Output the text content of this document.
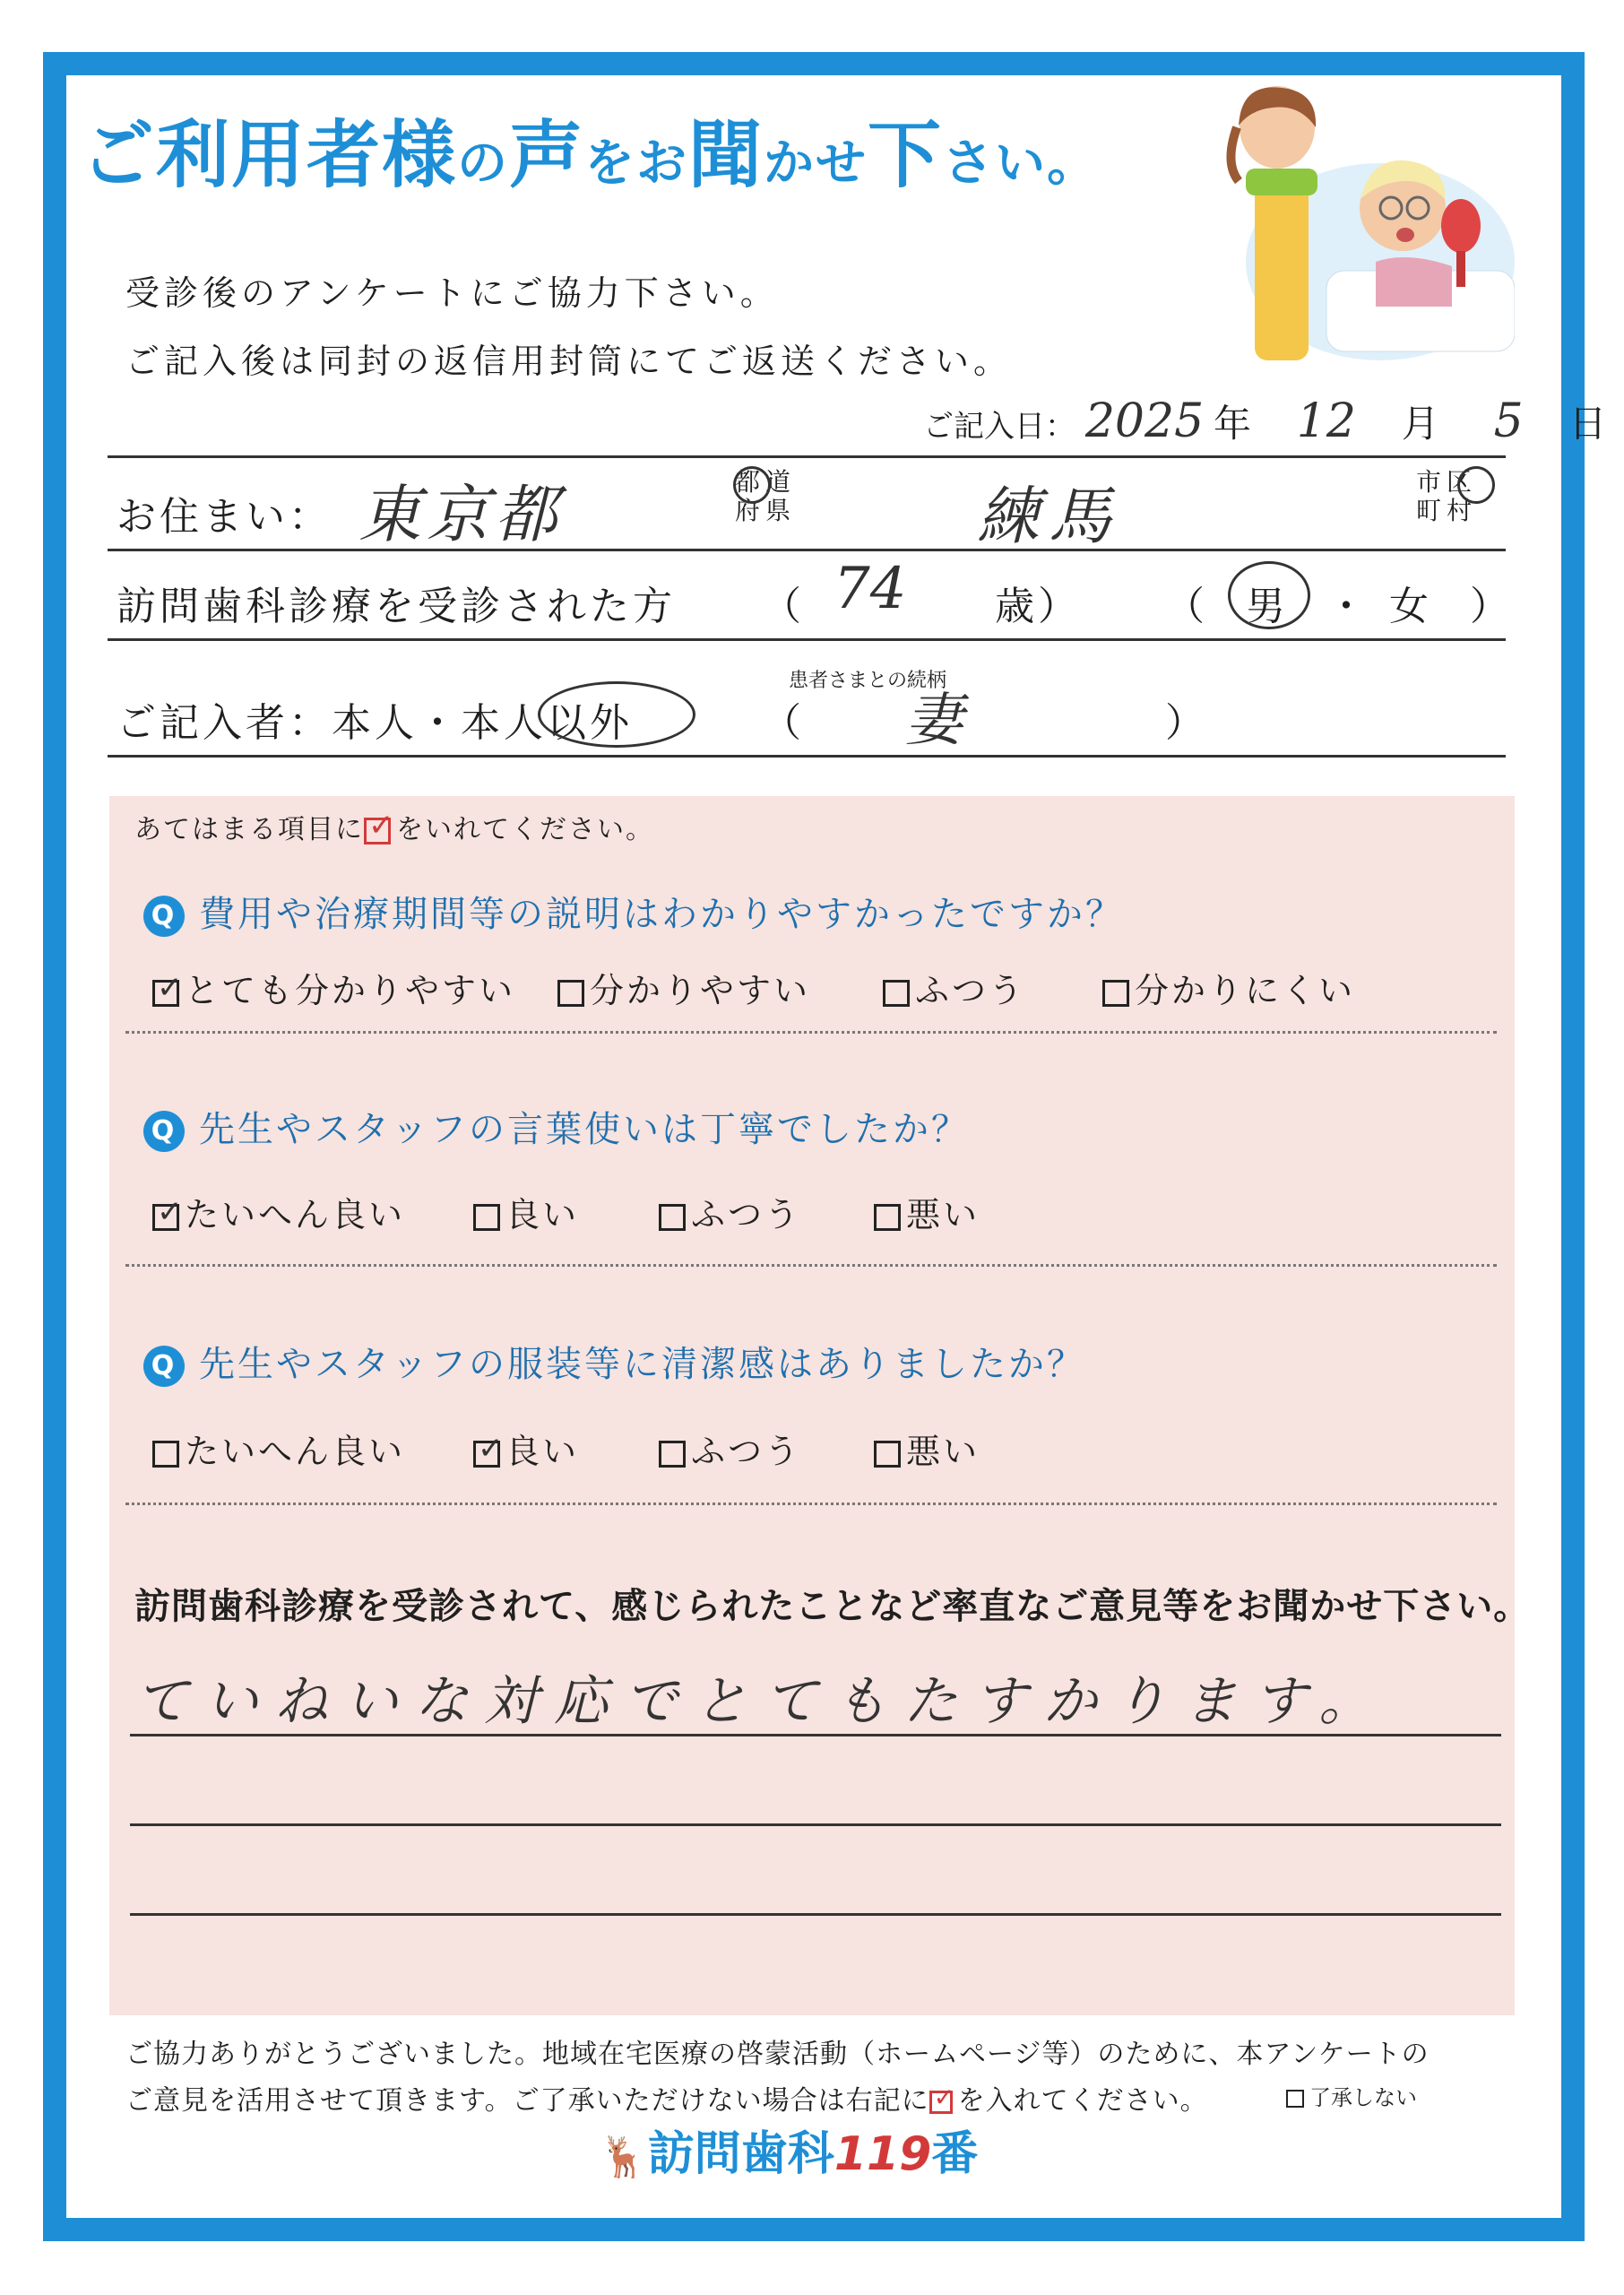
ご利用者様の声をお聞かせ下さい。
受診後のアンケートにご協力下さい。
ご記入後は同封の返信用封筒にてご返送ください。
ご記入日： 2025 年 12 月 5 日
お住まい： 東京都	都道
府県	練馬	市区
町村
訪問歯科診療を受診された方 （ 74 歳） （ 男 ・ 女 ）
ご記入者：本人・本人以外
患者さまとの続柄
（ 妻	）
あてはまる項目に ✓ をいれてください。
Q 費用や治療期間等の説明はわかりやすかったですか？
✓ とても分かりやすい	分かりやすい	ふつう	分かりにくい
Q 先生やスタッフの言葉使いは丁寧でしたか？
✓ たいへん良い	良い	ふつう	悪い
Q 先生やスタッフの服装等に清潔感はありましたか？
たいへん良い ✓ 良い	ふつう	悪い
訪問歯科診療を受診されて、感じられたことなど率直なご意見等をお聞かせ下さい。
ていねいな対応でとてもたすかります。
ご協力ありがとうございました。地域在宅医療の啓蒙活動（ホームページ等）のために、本アンケートの
ご意見を活用させて頂きます。ご了承いただけない場合は右記に ✓ を入れてください。	了承しない
🦌訪問歯科119番
